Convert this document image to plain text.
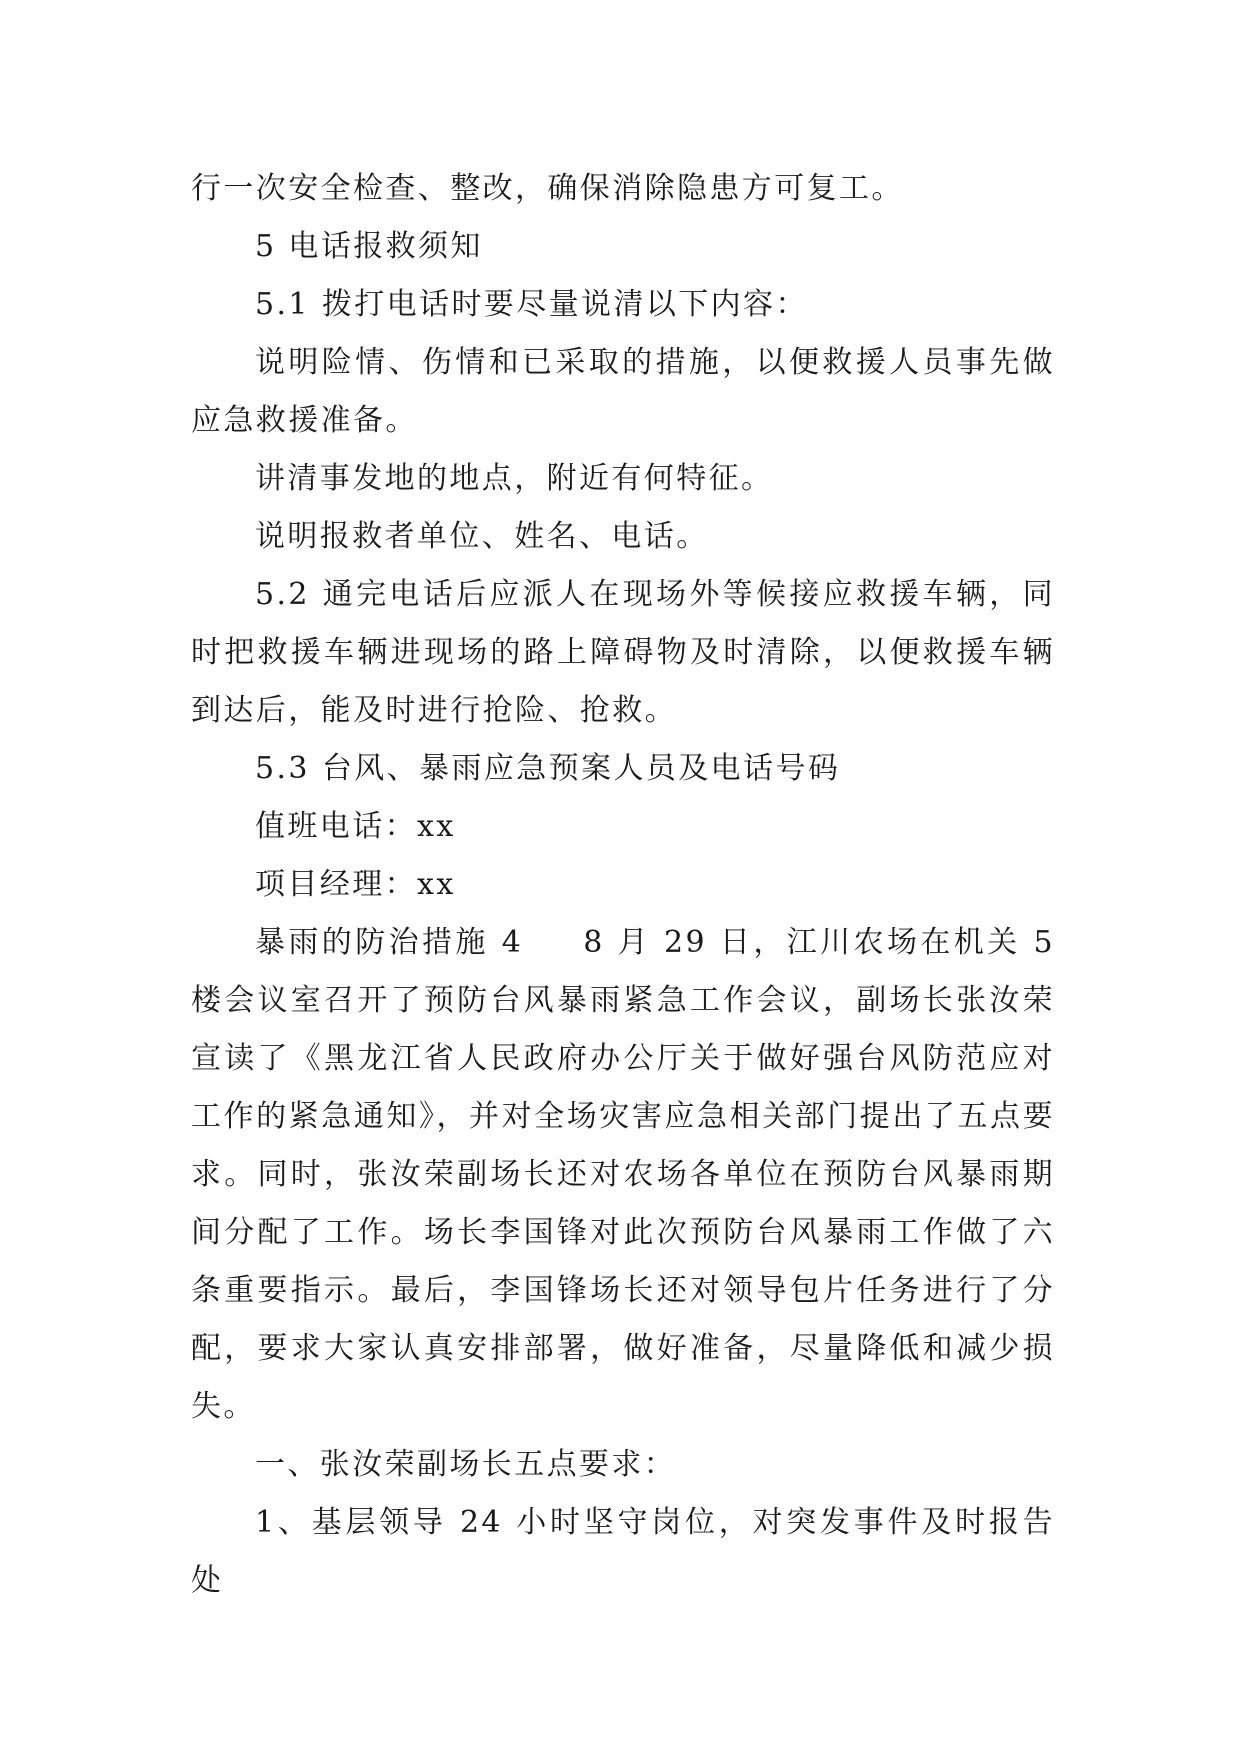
行一次安全检查、整改，确保消除隐患方可复工。

5 电话报救须知

5.1 拨打电话时要尽量说清以下内容：

说明险情、伤情和已采取的措施，以便救援人员事先做应急救援准备。

讲清事发地的地点，附近有何特征。

说明报救者单位、姓名、电话。

5.2 通完电话后应派人在现场外等候接应救援车辆，同时把救援车辆进现场的路上障碍物及时清除，以便救援车辆到达后，能及时进行抢险、抢救。

5.3 台风、暴雨应急预案人员及电话号码

值班电话：xx

项目经理：xx

暴雨的防治措施 4 8 月 29 日，江川农场在机关 5 楼会议室召开了预防台风暴雨紧急工作会议，副场长张汝荣宣读了《黑龙江省人民政府办公厅关于做好强台风防范应对工作的紧急通知》，并对全场灾害应急相关部门提出了五点要求。同时，张汝荣副场长还对农场各单位在预防台风暴雨期间分配了工作。场长李国锋对此次预防台风暴雨工作做了六条重要指示。最后，李国锋场长还对领导包片任务进行了分配，要求大家认真安排部署，做好准备，尽量降低和减少损失。

一、张汝荣副场长五点要求：

1、基层领导 24 小时坚守岗位，对突发事件及时报告处
